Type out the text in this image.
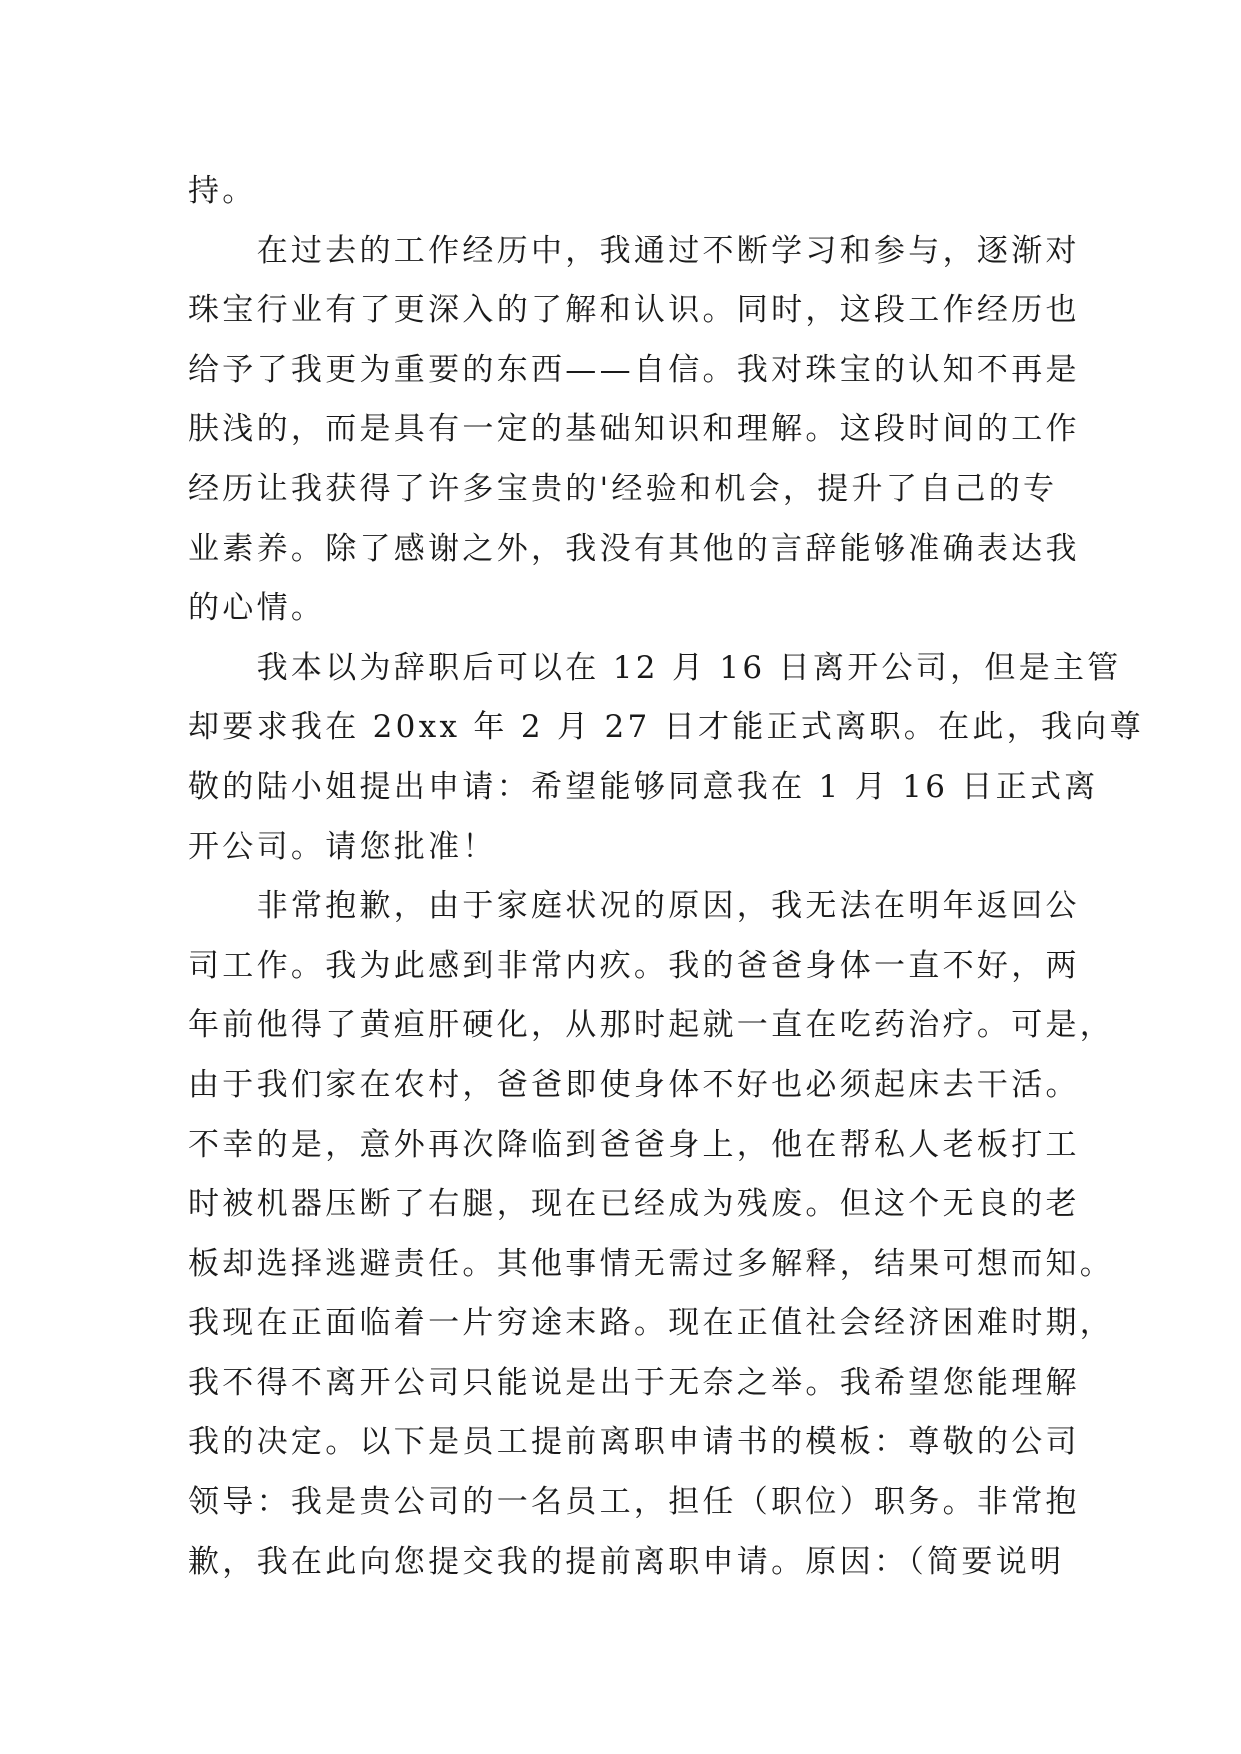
持。
　　在过去的工作经历中，我通过不断学习和参与，逐渐对
珠宝行业有了更深入的了解和认识。同时，这段工作经历也
给予了我更为重要的东西——自信。我对珠宝的认知不再是
肤浅的，而是具有一定的基础知识和理解。这段时间的工作
经历让我获得了许多宝贵的'经验和机会，提升了自己的专
业素养。除了感谢之外，我没有其他的言辞能够准确表达我
的心情。
　　我本以为辞职后可以在 12 月 16 日离开公司，但是主管
却要求我在 20xx 年 2 月 27 日才能正式离职。在此，我向尊
敬的陆小姐提出申请：希望能够同意我在 1 月 16 日正式离
开公司。请您批准！
　　非常抱歉，由于家庭状况的原因，我无法在明年返回公
司工作。我为此感到非常内疚。我的爸爸身体一直不好，两
年前他得了黄疸肝硬化，从那时起就一直在吃药治疗。可是，
由于我们家在农村，爸爸即使身体不好也必须起床去干活。
不幸的是，意外再次降临到爸爸身上，他在帮私人老板打工
时被机器压断了右腿，现在已经成为残废。但这个无良的老
板却选择逃避责任。其他事情无需过多解释，结果可想而知。
我现在正面临着一片穷途末路。现在正值社会经济困难时期，
我不得不离开公司只能说是出于无奈之举。我希望您能理解
我的决定。以下是员工提前离职申请书的模板：尊敬的公司
领导：我是贵公司的一名员工，担任（职位）职务。非常抱
歉，我在此向您提交我的提前离职申请。原因：（简要说明
